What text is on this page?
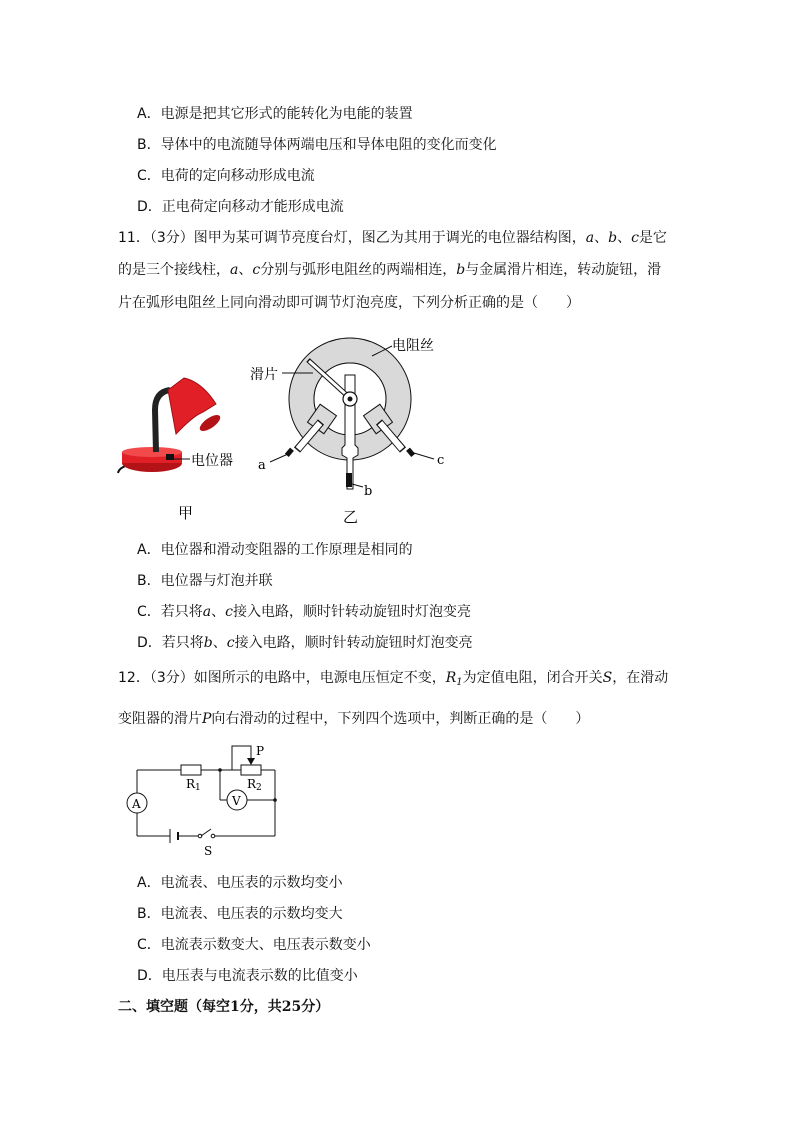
A．电源是把其它形式的能转化为电能的装置
B．导体中的电流随导体两端电压和导体电阻的变化而变化
C．电荷的定向移动形成电流
D．正电荷定向移动才能形成电流
11．（3分）图甲为某可调节亮度台灯，图乙为其用于调光的电位器结构图，a、b、c是它
的是三个接线柱，a、c分别与弧形电阻丝的两端相连，b与金属滑片相连，转动旋钮，滑
片在弧形电阻丝上同向滑动即可调节灯泡亮度，下列分析正确的是（　　）
电位器
甲
滑片
电阻丝
a	c
b
乙
A．电位器和滑动变阻器的工作原理是相同的
B．电位器与灯泡并联
C．若只将a、c接入电路，顺时针转动旋钮时灯泡变亮
D．若只将b、c接入电路，顺时针转动旋钮时灯泡变亮
12．（3分）如图所示的电路中，电源电压恒定不变，$R_1$为定值电阻，闭合开关S，在滑动
变阻器的滑片P向右滑动的过程中，下列四个选项中，判断正确的是（　　）
A	V
P
R1	R2
S
A．电流表、电压表的示数均变小
B．电流表、电压表的示数均变大
C．电流表示数变大、电压表示数变小
D．电压表与电流表示数的比值变小
二、填空题（每空1分，共25分）
